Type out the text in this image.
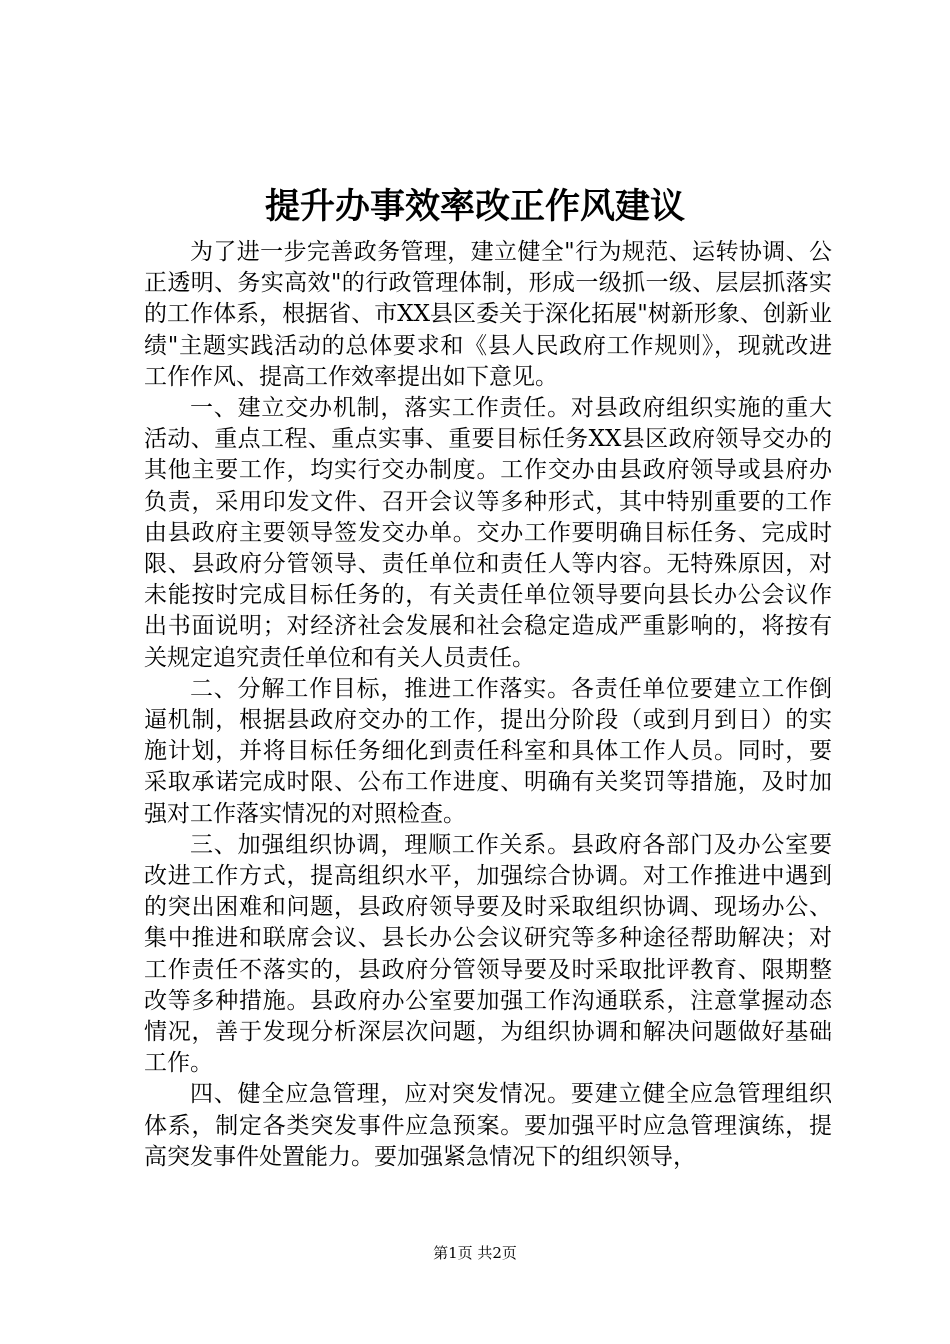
提升办事效率改正作风建议

为了进一步完善政务管理，建立健全"行为规范、运转协调、公正透明、务实高效"的行政管理体制，形成一级抓一级、层层抓落实的工作体系，根据省、市XX县区委关于深化拓展"树新形象、创新业绩"主题实践活动的总体要求和《县人民政府工作规则》，现就改进工作作风、提高工作效率提出如下意见。

一、建立交办机制，落实工作责任。对县政府组织实施的重大活动、重点工程、重点实事、重要目标任务XX县区政府领导交办的其他主要工作，均实行交办制度。工作交办由县政府领导或县府办负责，采用印发文件、召开会议等多种形式，其中特别重要的工作由县政府主要领导签发交办单。交办工作要明确目标任务、完成时限、县政府分管领导、责任单位和责任人等内容。无特殊原因，对未能按时完成目标任务的，有关责任单位领导要向县长办公会议作出书面说明；对经济社会发展和社会稳定造成严重影响的，将按有关规定追究责任单位和有关人员责任。

二、分解工作目标，推进工作落实。各责任单位要建立工作倒逼机制，根据县政府交办的工作，提出分阶段（或到月到日）的实施计划，并将目标任务细化到责任科室和具体工作人员。同时，要采取承诺完成时限、公布工作进度、明确有关奖罚等措施，及时加强对工作落实情况的对照检查。

三、加强组织协调，理顺工作关系。县政府各部门及办公室要改进工作方式，提高组织水平，加强综合协调。对工作推进中遇到的突出困难和问题，县政府领导要及时采取组织协调、现场办公、集中推进和联席会议、县长办公会议研究等多种途径帮助解决；对工作责任不落实的，县政府分管领导要及时采取批评教育、限期整改等多种措施。县政府办公室要加强工作沟通联系，注意掌握动态情况，善于发现分析深层次问题，为组织协调和解决问题做好基础工作。

四、健全应急管理，应对突发情况。要建立健全应急管理组织体系，制定各类突发事件应急预案。要加强平时应急管理演练，提高突发事件处置能力。要加强紧急情况下的组织领导，

第1页 共2页
